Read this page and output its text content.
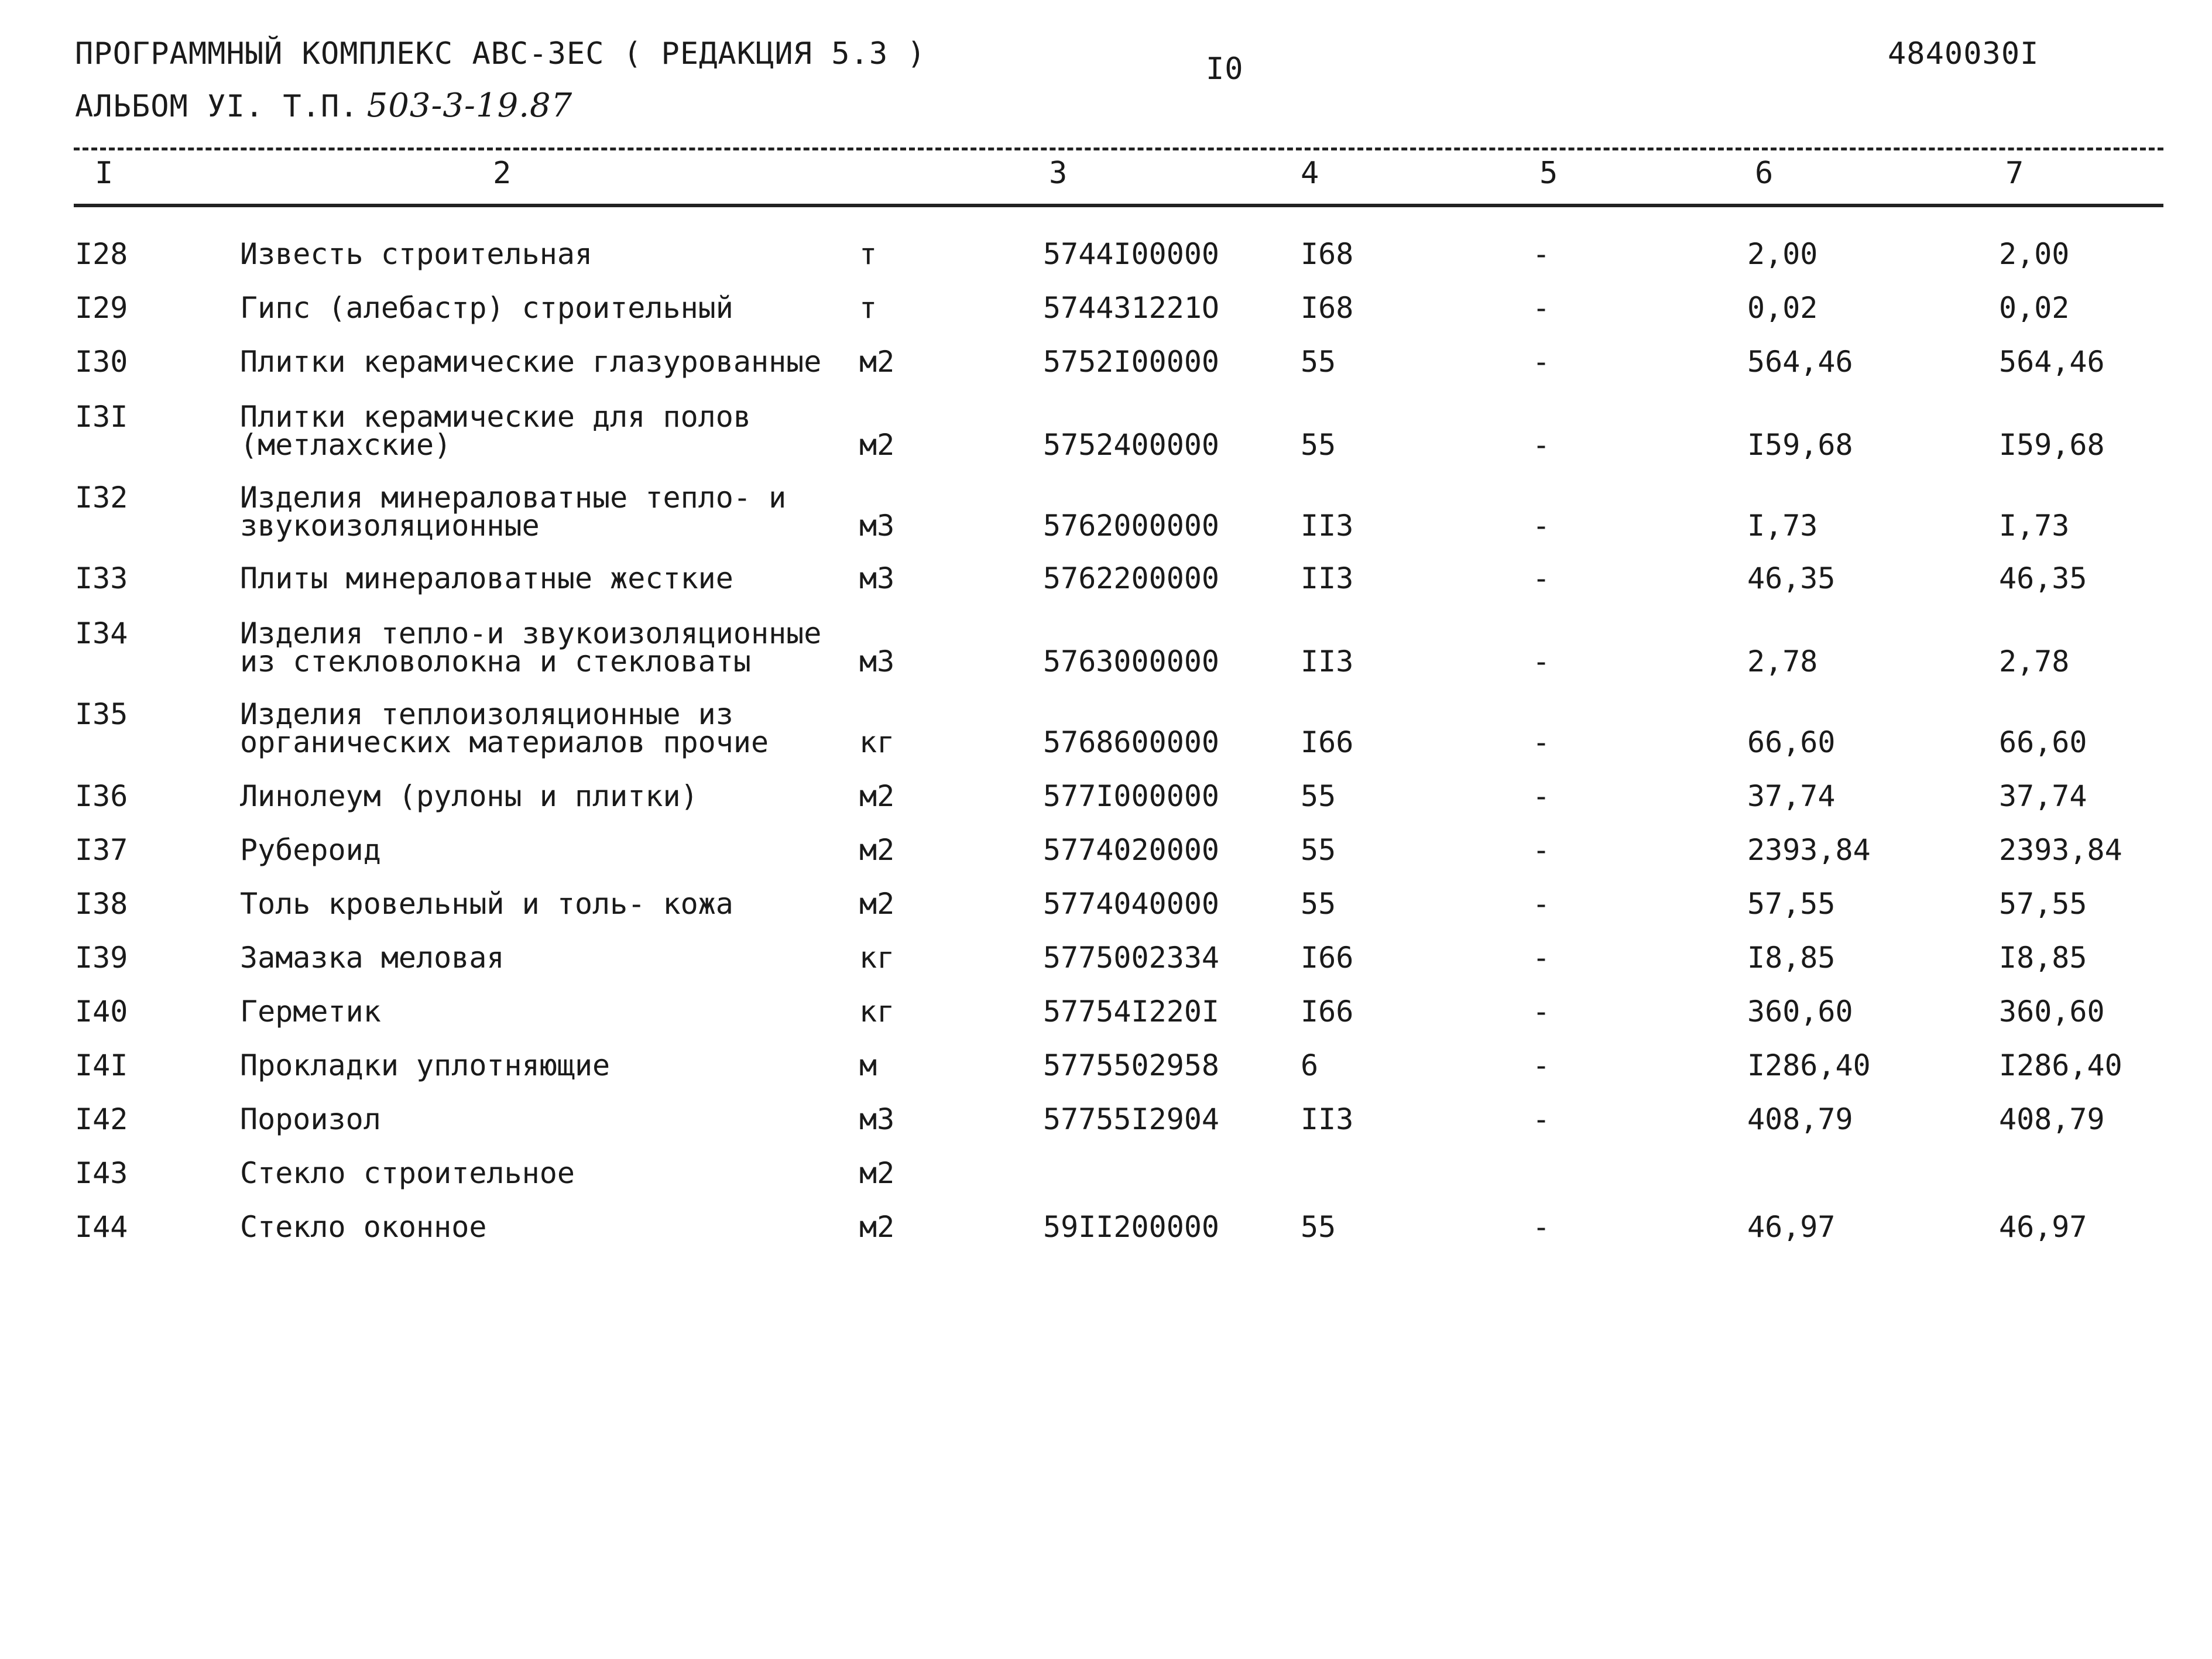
ПРОГРАММНЫЙ КОМПЛЕКС АВС-ЗЕС ( РЕДАКЦИЯ 5.3 )
АЛЬБОМ УI. Т.П. 503-3-19.87
I0	4840030I
I	2	3	4	5	6	7
I28	Известь строительная	т	5744I00000	I68	-	2,00	2,00
I29	Гипс (алебастр) строительный	т	574431221O	I68	-	0,02	0,02
I30	Плитки керамические глазурованные м2	5752I00000	55	-	564,46	564,46
I3I	Плитки керамические для полов
(метлахские)	м2	5752400000	55	-	I59,68	I59,68
I32	Изделия минераловатные тепло- и
звукоизоляционные	м3	5762000000	II3	-	I,73	I,73
I33	Плиты минераловатные жесткие	м3	5762200000	II3	-	46,35	46,35
I34	Изделия тепло-и звукоизоляционные
из стекловолокна и стекловаты	м3	5763000000	II3	-	2,78	2,78
I35	Изделия теплоизоляционные из
органических материалов прочие	кг	5768600000	I66	-	66,60	66,60
I36	Линолеум (рулоны и плитки)	м2	577I000000	55	-	37,74	37,74
I37	Рубероид	м2	5774020000	55	-	2393,84	2393,84
I38	Толь кровельный и толь- кожа	м2	5774040000	55	-	57,55	57,55
I39	Замазка меловая	кг	5775002334	I66	-	I8,85	I8,85
I40	Герметик	кг	57754I220I	I66	-	360,60	360,60
I4I	Прокладки уплотняющие	м	5775502958	6	-	I286,40	I286,40
I42	Пороизол	м3	57755I2904	II3	-	408,79	408,79
I43	Стекло строительное	м2
I44	Стекло оконное	м2	59II200000	55	-	46,97	46,97
